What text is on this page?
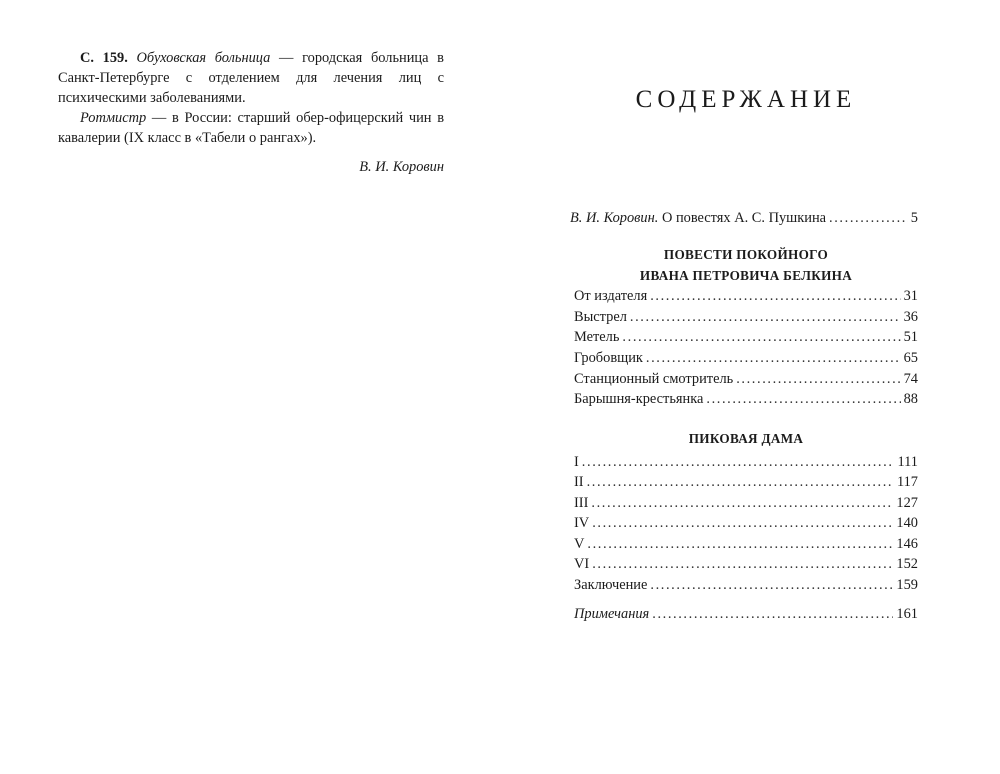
С. 159. Обуховская больница — городская больница в Санкт-Петербурге с отделением для лечения лиц с психическими заболеваниями.

Ротмистр — в России: старший обер-офицерский чин в кавалерии (IX класс в «Табели о рангах»).

В. И. Коровин
СОДЕРЖАНИЕ
В. И. Коровин. О повестях А. С. Пушкина . . .	5
ПОВЕСТИ ПОКОЙНОГО
ИВАНА ПЕТРОВИЧА БЕЛКИНА
От издателя . . .	31
Выстрел . . .	36
Метель . . .	51
Гробовщик . . .	65
Станционный смотритель . . .	74
Барышня-крестьянка . . .	88
ПИКОВАЯ ДАМА
I . . .	111
II . . .	117
III . . .	127
IV . . .	140
V . . .	146
VI . . .	152
Заключение . . .	159
Примечания . . .	161
